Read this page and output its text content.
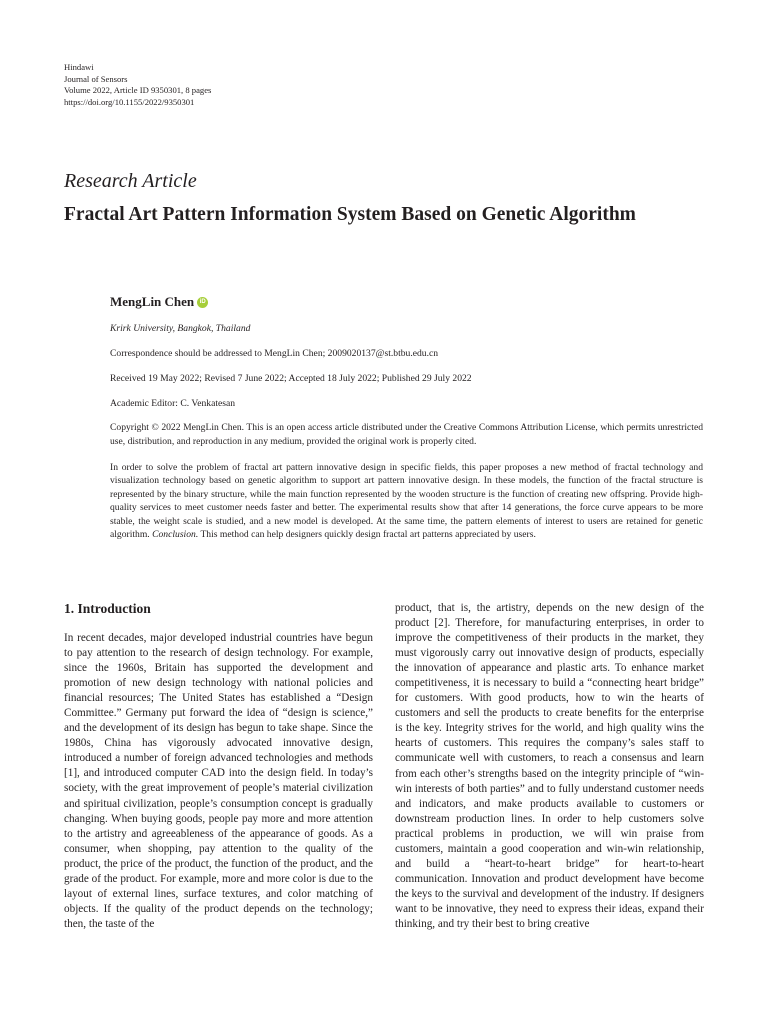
Hindawi
Journal of Sensors
Volume 2022, Article ID 9350301, 8 pages
https://doi.org/10.1155/2022/9350301
Research Article
Fractal Art Pattern Information System Based on Genetic Algorithm
MengLin Chen iD
Krirk University, Bangkok, Thailand
Correspondence should be addressed to MengLin Chen; 2009020137@st.btbu.edu.cn
Received 19 May 2022; Revised 7 June 2022; Accepted 18 July 2022; Published 29 July 2022
Academic Editor: C. Venkatesan
Copyright © 2022 MengLin Chen. This is an open access article distributed under the Creative Commons Attribution License, which permits unrestricted use, distribution, and reproduction in any medium, provided the original work is properly cited.
In order to solve the problem of fractal art pattern innovative design in specific fields, this paper proposes a new method of fractal technology and visualization technology based on genetic algorithm to support art pattern innovative design. In these models, the function of the fractal structure is represented by the binary structure, while the main function represented by the wooden structure is the function of creating new offspring. Provide high-quality services to meet customer needs faster and better. The experimental results show that after 14 generations, the force curve appears to be more stable, the weight scale is studied, and a new model is developed. At the same time, the pattern elements of interest to users are retained for genetic algorithm. Conclusion. This method can help designers quickly design fractal art patterns appreciated by users.
1. Introduction
In recent decades, major developed industrial countries have begun to pay attention to the research of design technology. For example, since the 1960s, Britain has supported the development and promotion of new design technology with national policies and financial resources; The United States has established a “Design Committee.” Germany put forward the idea of “design is science,” and the development of its design has begun to take shape. Since the 1980s, China has vigorously advocated innovative design, introduced a number of foreign advanced technologies and methods [1], and introduced computer CAD into the design field. In today’s society, with the great improvement of people’s material civilization and spiritual civilization, people’s consumption concept is gradually changing. When buying goods, people pay more and more attention to the artistry and agreeableness of the appearance of goods. As a consumer, when shopping, pay attention to the quality of the product, the price of the product, the function of the product, and the grade of the product. For example, more and more color is due to the layout of external lines, surface textures, and color matching of objects. If the quality of the product depends on the technology; then, the taste of the
product, that is, the artistry, depends on the new design of the product [2]. Therefore, for manufacturing enterprises, in order to improve the competitiveness of their products in the market, they must vigorously carry out innovative design of products, especially the innovation of appearance and plastic arts. To enhance market competitiveness, it is necessary to build a “connecting heart bridge” for customers. With good products, how to win the hearts of customers and sell the products to create benefits for the enterprise is the key. Integrity strives for the world, and high quality wins the hearts of customers. This requires the company’s sales staff to communicate well with customers, to reach a consensus and learn from each other’s strengths based on the integrity principle of “win-win interests of both parties” and to fully understand customer needs and indicators, and make products available to customers or downstream production lines. In order to help customers solve practical problems in production, we will win praise from customers, maintain a good cooperation and win-win relationship, and build a “heart-to-heart bridge” for heart-to-heart communication. Innovation and product development have become the keys to the survival and development of the industry. If designers want to be innovative, they need to express their ideas, expand their thinking, and try their best to bring creative
